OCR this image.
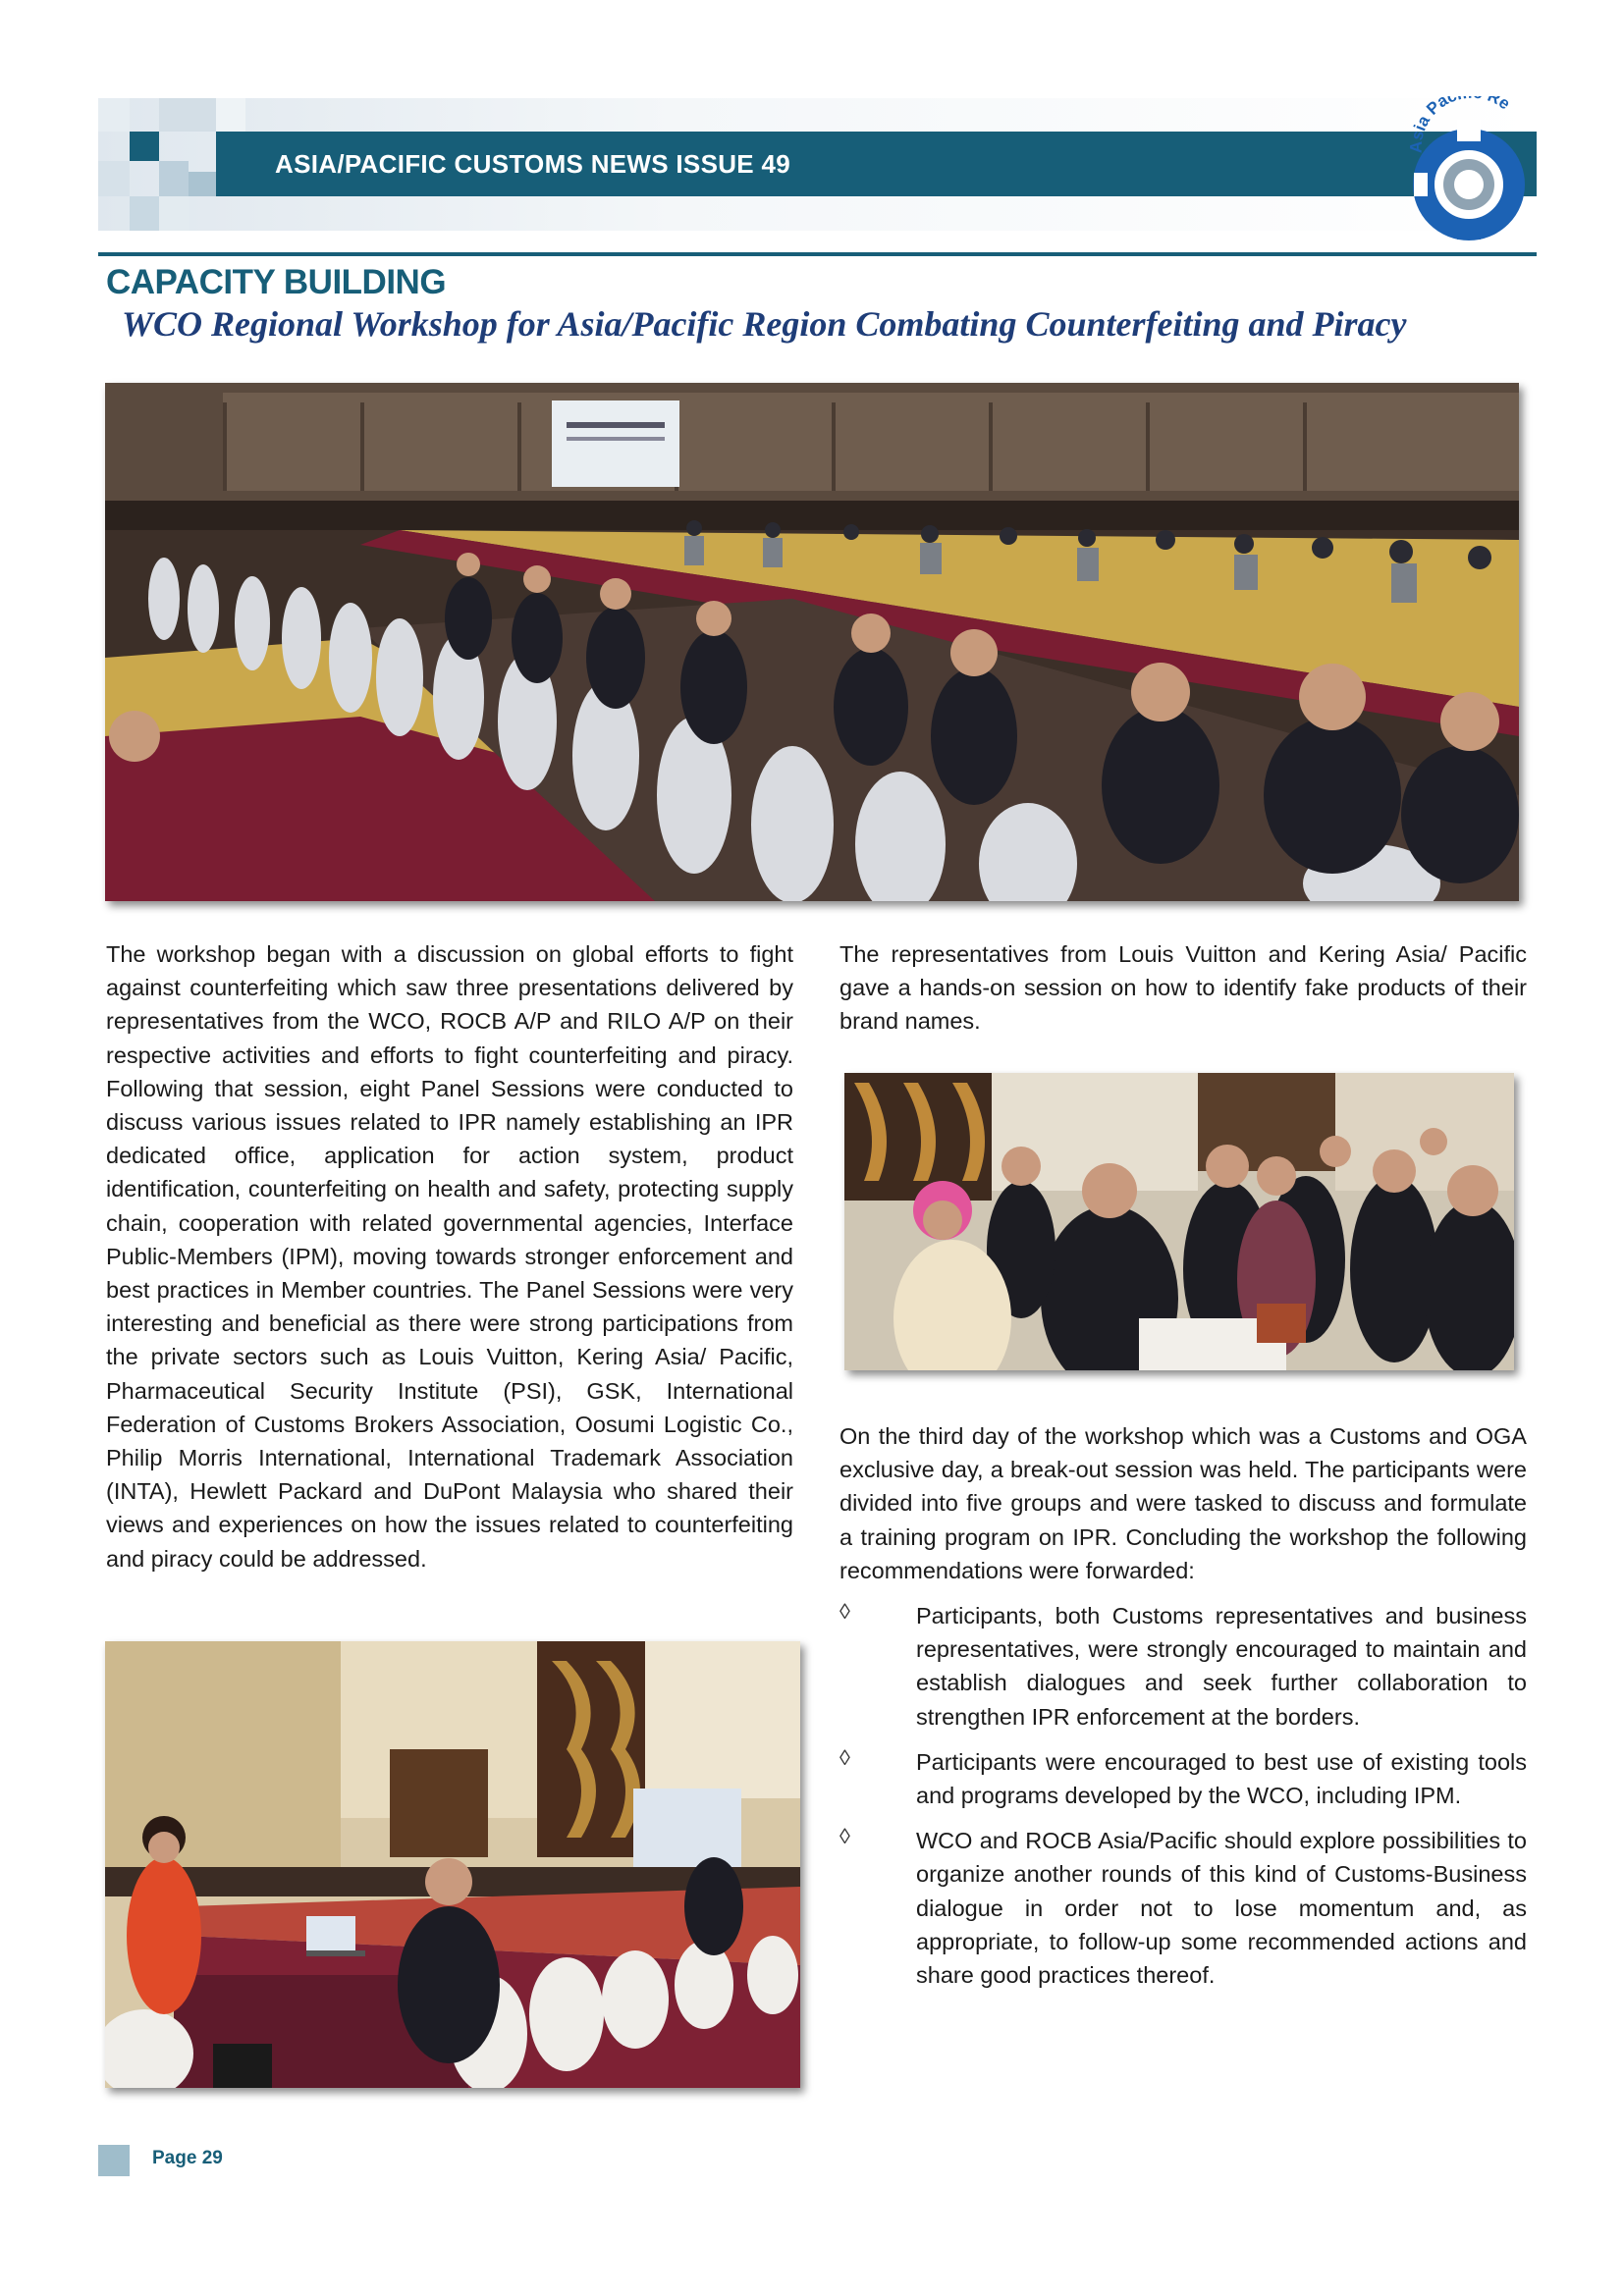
ASIA/PACIFIC CUSTOMS NEWS ISSUE 49
Asia Pac Re
CAPACITY BUILDING
WCO Regional Workshop for Asia/Pacific Region Combating Counterfeiting and Piracy
The workshop began with a discussion on global efforts to fight against counterfeiting which saw three presentations delivered by representatives from the WCO, ROCB A/P and RILO A/P on their respective activities and efforts to fight counterfeiting and piracy. Following that session, eight Panel Sessions were conducted to discuss various issues related to IPR namely establishing an IPR dedicated office, application for action system, product identification, counterfeiting on health and safety, protecting supply chain, cooperation with related governmental agencies, Interface Public-Members (IPM), moving towards stronger enforcement and best practices in Member countries. The Panel Sessions were very interesting and beneficial as there were strong participations from the private sectors such as Louis Vuitton, Kering Asia/ Pacific, Pharmaceutical Security Institute (PSI), GSK, International Federation of Customs Brokers Association, Oosumi Logistic Co., Philip Morris International, International Trademark Association (INTA), Hewlett Packard and DuPont Malaysia who shared their views and experiences on how the issues related to counterfeiting and piracy could be addressed.
The representatives from Louis Vuitton and Kering Asia/ Pacific gave a hands-on session on how to identify fake products of their brand names.
On the third day of the workshop which was a Customs and OGA exclusive day, a break-out session was held. The participants were divided into five groups and were tasked to discuss and formulate a training program on IPR. Concluding the workshop the following recommendations were forwarded:
◊	Participants, both Customs representatives and business representatives, were strongly encouraged to maintain and establish dialogues and seek further collaboration to strengthen IPR enforcement at the borders.
◊	Participants were encouraged to best use of existing tools and programs developed by the WCO, including IPM.
◊	WCO and ROCB Asia/Pacific should explore possibilities to organize another rounds of this kind of Customs-Business dialogue in order not to lose momentum and, as appropriate, to follow-up some recommended actions and share good practices thereof.
Page 29
